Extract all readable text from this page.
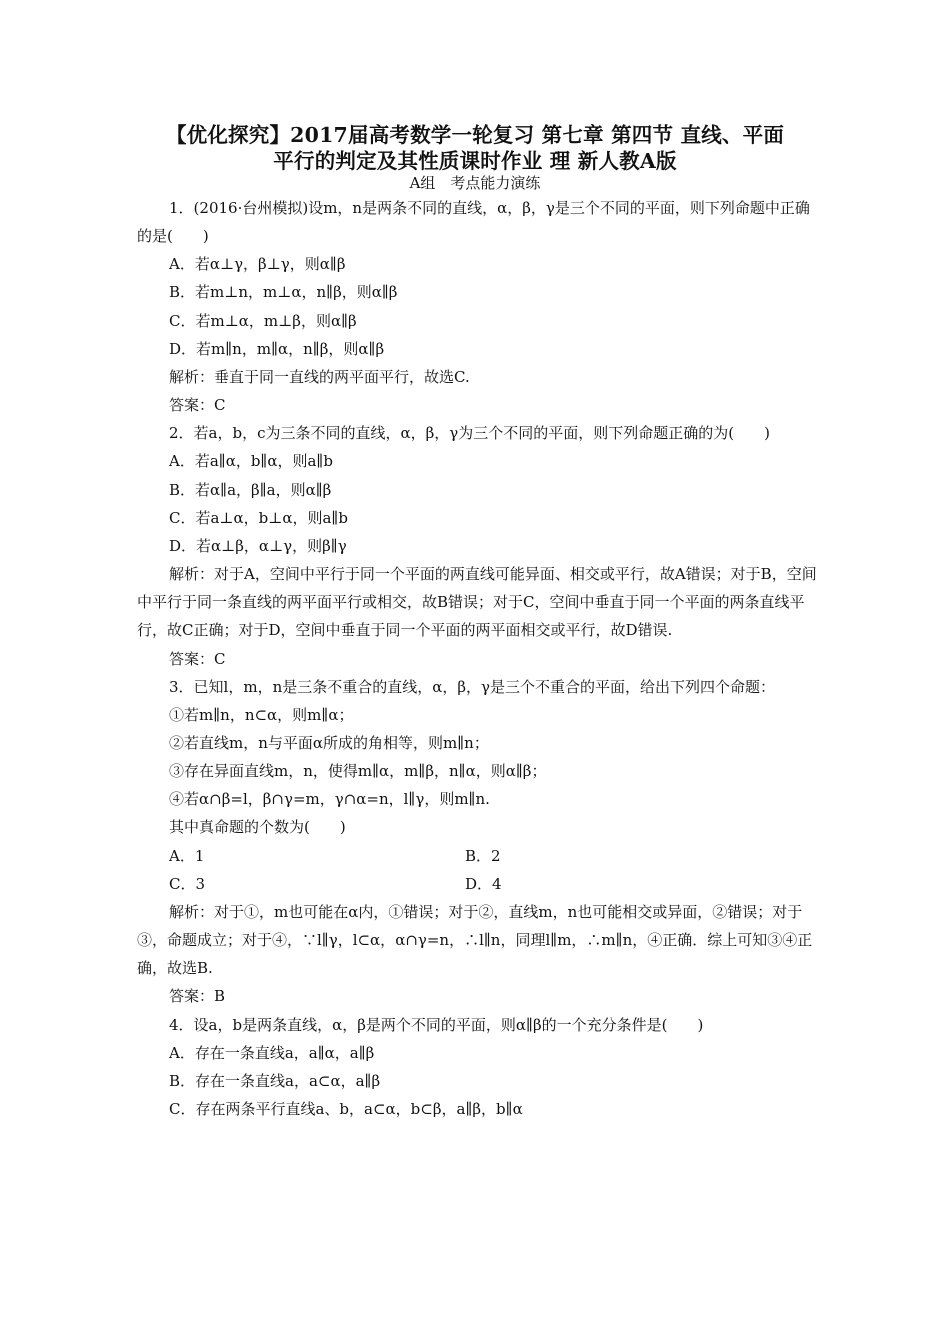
【优化探究】2017届高考数学一轮复习 第七章 第四节 直线、平面
平行的判定及其性质课时作业 理 新人教A版
A组　考点能力演练

1．(2016·台州模拟)设m，n是两条不同的直线，α，β，γ是三个不同的平面，则下列命题中正确的是(　　)

A．若α⊥γ，β⊥γ，则α∥β

B．若m⊥n，m⊥α，n∥β，则α∥β

C．若m⊥α，m⊥β，则α∥β

D．若m∥n，m∥α，n∥β，则α∥β

解析：垂直于同一直线的两平面平行，故选C.

答案：C

2．若a，b，c为三条不同的直线，α，β，γ为三个不同的平面，则下列命题正确的为(　　)

A．若a∥α，b∥α，则a∥b

B．若α∥a，β∥a，则α∥β

C．若a⊥α，b⊥α，则a∥b

D．若α⊥β，α⊥γ，则β∥γ

解析：对于A，空间中平行于同一个平面的两直线可能异面、相交或平行，故A错误；对于B，空间中平行于同一条直线的两平面平行或相交，故B错误；对于C，空间中垂直于同一个平面的两条直线平行，故C正确；对于D，空间中垂直于同一个平面的两平面相交或平行，故D错误.

答案：C

3．已知l，m，n是三条不重合的直线，α，β，γ是三个不重合的平面，给出下列四个命题：

①若m∥n，n⊂α，则m∥α；

②若直线m，n与平面α所成的角相等，则m∥n；

③存在异面直线m，n，使得m∥α，m∥β，n∥α，则α∥β；

④若α∩β=l，β∩γ=m，γ∩α=n，l∥γ，则m∥n.

其中真命题的个数为(　　)

A．1	B．2
C．3	D．4

解析：对于①，m也可能在α内，①错误；对于②，直线m，n也可能相交或异面，②错误；对于③，命题成立；对于④，∵l∥γ，l⊂α，α∩γ=n，∴l∥n，同理l∥m，∴m∥n，④正确．综上可知③④正确，故选B.

答案：B

4．设a，b是两条直线，α，β是两个不同的平面，则α∥β的一个充分条件是(　　)

A．存在一条直线a，a∥α，a∥β

B．存在一条直线a，a⊂α，a∥β

C．存在两条平行直线a、b，a⊂α，b⊂β，a∥β，b∥α
